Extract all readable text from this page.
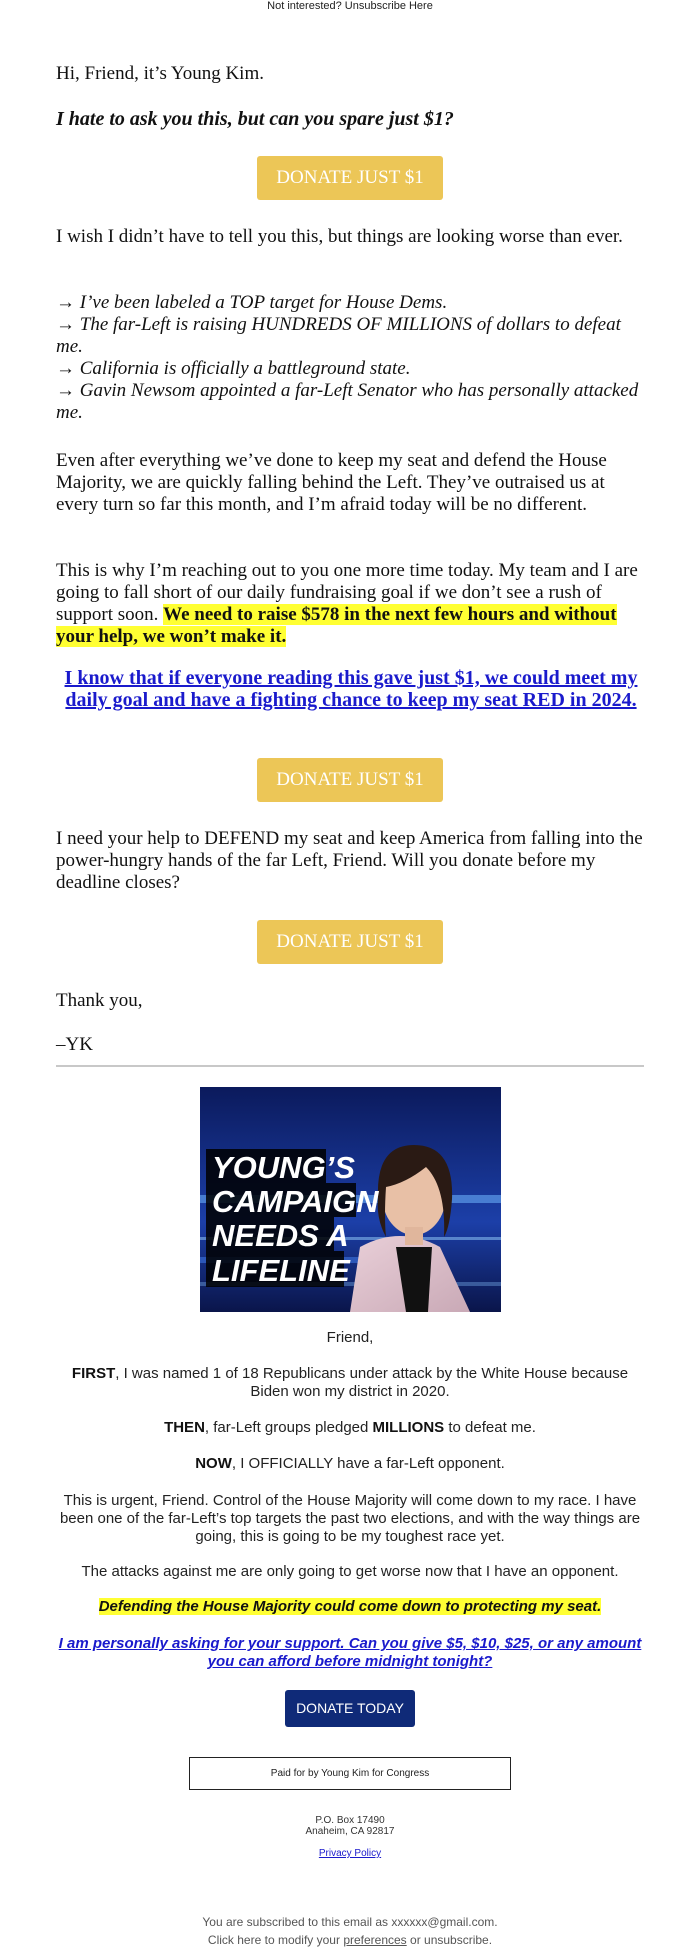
Not interested? Unsubscribe Here
Hi, Friend, it’s Young Kim.
I hate to ask you this, but can you spare just $1?
DONATE JUST $1
I wish I didn’t have to tell you this, but things are looking worse than ever.
→ I’ve been labeled a TOP target for House Dems.
→ The far-Left is raising HUNDREDS OF MILLIONS of dollars to defeat me.
→ California is officially a battleground state.
→ Gavin Newsom appointed a far-Left Senator who has personally attacked me.
Even after everything we’ve done to keep my seat and defend the House Majority, we are quickly falling behind the Left. They’ve outraised us at every turn so far this month, and I’m afraid today will be no different.
This is why I’m reaching out to you one more time today. My team and I are going to fall short of our daily fundraising goal if we don’t see a rush of support soon. We need to raise $578 in the next few hours and without your help, we won’t make it.
I know that if everyone reading this gave just $1, we could meet my daily goal and have a fighting chance to keep my seat RED in 2024.
DONATE JUST $1
I need your help to DEFEND my seat and keep America from falling into the power-hungry hands of the far Left, Friend. Will you donate before my deadline closes?
DONATE JUST $1
Thank you,
–YK
YOUNG’S
CAMPAIGN
NEEDS A
LIFELINE
Friend,
FIRST, I was named 1 of 18 Republicans under attack by the White House because Biden won my district in 2020.
THEN, far-Left groups pledged MILLIONS to defeat me.
NOW, I OFFICIALLY have a far-Left opponent.
This is urgent, Friend. Control of the House Majority will come down to my race. I have been one of the far-Left’s top targets the past two elections, and with the way things are going, this is going to be my toughest race yet.
The attacks against me are only going to get worse now that I have an opponent.
Defending the House Majority could come down to protecting my seat.
I am personally asking for your support. Can you give $5, $10, $25, or any amount you can afford before midnight tonight?
DONATE TODAY
Paid for by Young Kim for Congress
P.O. Box 17490
Anaheim, CA 92817
Privacy Policy
You are subscribed to this email as xxxxxx@gmail.com.
Click here to modify your preferences or unsubscribe.
